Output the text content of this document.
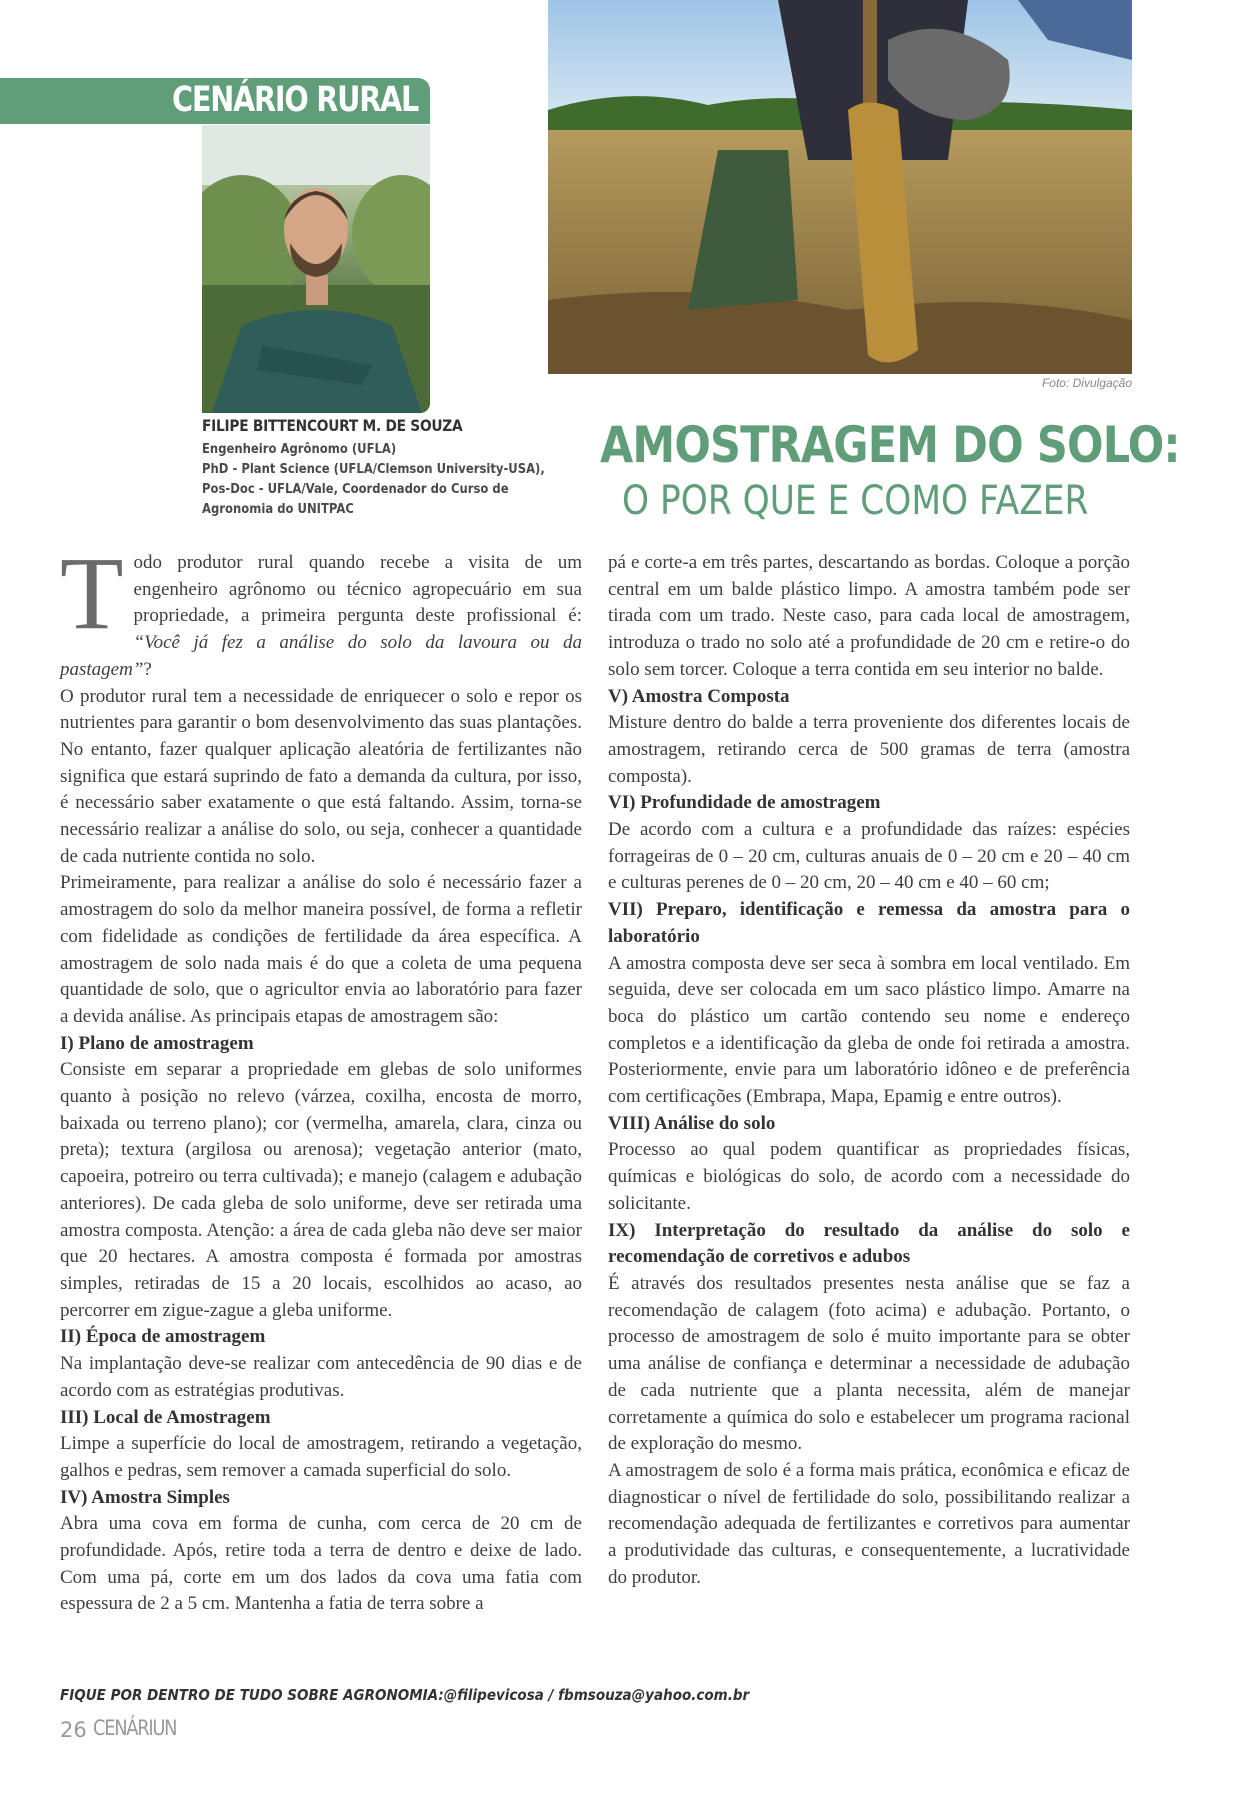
CENÁRIO RURAL
Foto: Divulgação
FILIPE BITTENCOURT M. DE SOUZA
Engenheiro Agrônomo (UFLA)
PhD - Plant Science (UFLA/Clemson University-USA),
Pos-Doc - UFLA/Vale, Coordenador do Curso de
Agronomia do UNITPAC
AMOSTRAGEM DO SOLO:
O POR QUE E COMO FAZER

Todo produtor rural quando recebe a visita de um engenheiro agrônomo ou técnico agropecuário em sua propriedade, a primeira pergunta deste profissional é: “Você já fez a análise do solo da lavoura ou da pastagem”?

O produtor rural tem a necessidade de enriquecer o solo e repor os nutrientes para garantir o bom desenvolvimento das suas plantações. No entanto, fazer qualquer aplicação aleatória de fertilizantes não significa que estará suprindo de fato a demanda da cultura, por isso, é necessário saber exatamente o que está faltando. Assim, torna-se necessário realizar a análise do solo, ou seja, conhecer a quantidade de cada nutriente contida no solo.

Primeiramente, para realizar a análise do solo é necessário fazer a amostragem do solo da melhor maneira possível, de forma a refletir com fidelidade as condições de fertilidade da área específica. A amostragem de solo nada mais é do que a coleta de uma pequena quantidade de solo, que o agricultor envia ao laboratório para fazer a devida análise. As principais etapas de amostragem são:

I) Plano de amostragem

Consiste em separar a propriedade em glebas de solo uniformes quanto à posição no relevo (várzea, coxilha, encosta de morro, baixada ou terreno plano); cor (vermelha, amarela, clara, cinza ou preta); textura (argilosa ou arenosa); vegetação anterior (mato, capoeira, potreiro ou terra cultivada); e manejo (calagem e adubação anteriores). De cada gleba de solo uniforme, deve ser retirada uma amostra composta. Atenção: a área de cada gleba não deve ser maior que 20 hectares. A amostra composta é formada por amostras simples, retiradas de 15 a 20 locais, escolhidos ao acaso, ao percorrer em zigue-zague a gleba uniforme.

II) Época de amostragem

Na implantação deve-se realizar com antecedência de 90 dias e de acordo com as estratégias produtivas.

III) Local de Amostragem

Limpe a superfície do local de amostragem, retirando a vegetação, galhos e pedras, sem remover a camada superficial do solo.

IV) Amostra Simples

Abra uma cova em forma de cunha, com cerca de 20 cm de profundidade. Após, retire toda a terra de dentro e deixe de lado. Com uma pá, corte em um dos lados da cova uma fatia com espessura de 2 a 5 cm. Mantenha a fatia de terra sobre a

pá e corte-a em três partes, descartando as bordas. Coloque a porção central em um balde plástico limpo. A amostra também pode ser tirada com um trado. Neste caso, para cada local de amostragem, introduza o trado no solo até a profundidade de 20 cm e retire-o do solo sem torcer. Coloque a terra contida em seu interior no balde.

V) Amostra Composta

Misture dentro do balde a terra proveniente dos diferentes locais de amostragem, retirando cerca de 500 gramas de terra (amostra composta).

VI) Profundidade de amostragem

De acordo com a cultura e a profundidade das raízes: espécies forrageiras de 0 – 20 cm, culturas anuais de 0 – 20 cm e 20 – 40 cm e culturas perenes de 0 – 20 cm, 20 – 40 cm e 40 – 60 cm;

VII) Preparo, identificação e remessa da amostra para o laboratório

A amostra composta deve ser seca à sombra em local ventilado. Em seguida, deve ser colocada em um saco plástico limpo. Amarre na boca do plástico um cartão contendo seu nome e endereço completos e a identificação da gleba de onde foi retirada a amostra. Posteriormente, envie para um laboratório idôneo e de preferência com certificações (Embrapa, Mapa, Epamig e entre outros).

VIII) Análise do solo

Processo ao qual podem quantificar as propriedades físicas, químicas e biológicas do solo, de acordo com a necessidade do solicitante.

IX) Interpretação do resultado da análise do solo e recomendação de corretivos e adubos

É através dos resultados presentes nesta análise que se faz a recomendação de calagem (foto acima) e adubação. Portanto, o processo de amostragem de solo é muito importante para se obter uma análise de confiança e determinar a necessidade de adubação de cada nutriente que a planta necessita, além de manejar corretamente a química do solo e estabelecer um programa racional de exploração do mesmo.

A amostragem de solo é a forma mais prática, econômica e eficaz de diagnosticar o nível de fertilidade do solo, possibilitando realizar a recomendação adequada de fertilizantes e corretivos para aumentar a produtividade das culturas, e consequentemente, a lucratividade do produtor.

FIQUE POR DENTRO DE TUDO SOBRE AGRONOMIA:@filipevicosa / fbmsouza@yahoo.com.br
26 CENÁRIUN
